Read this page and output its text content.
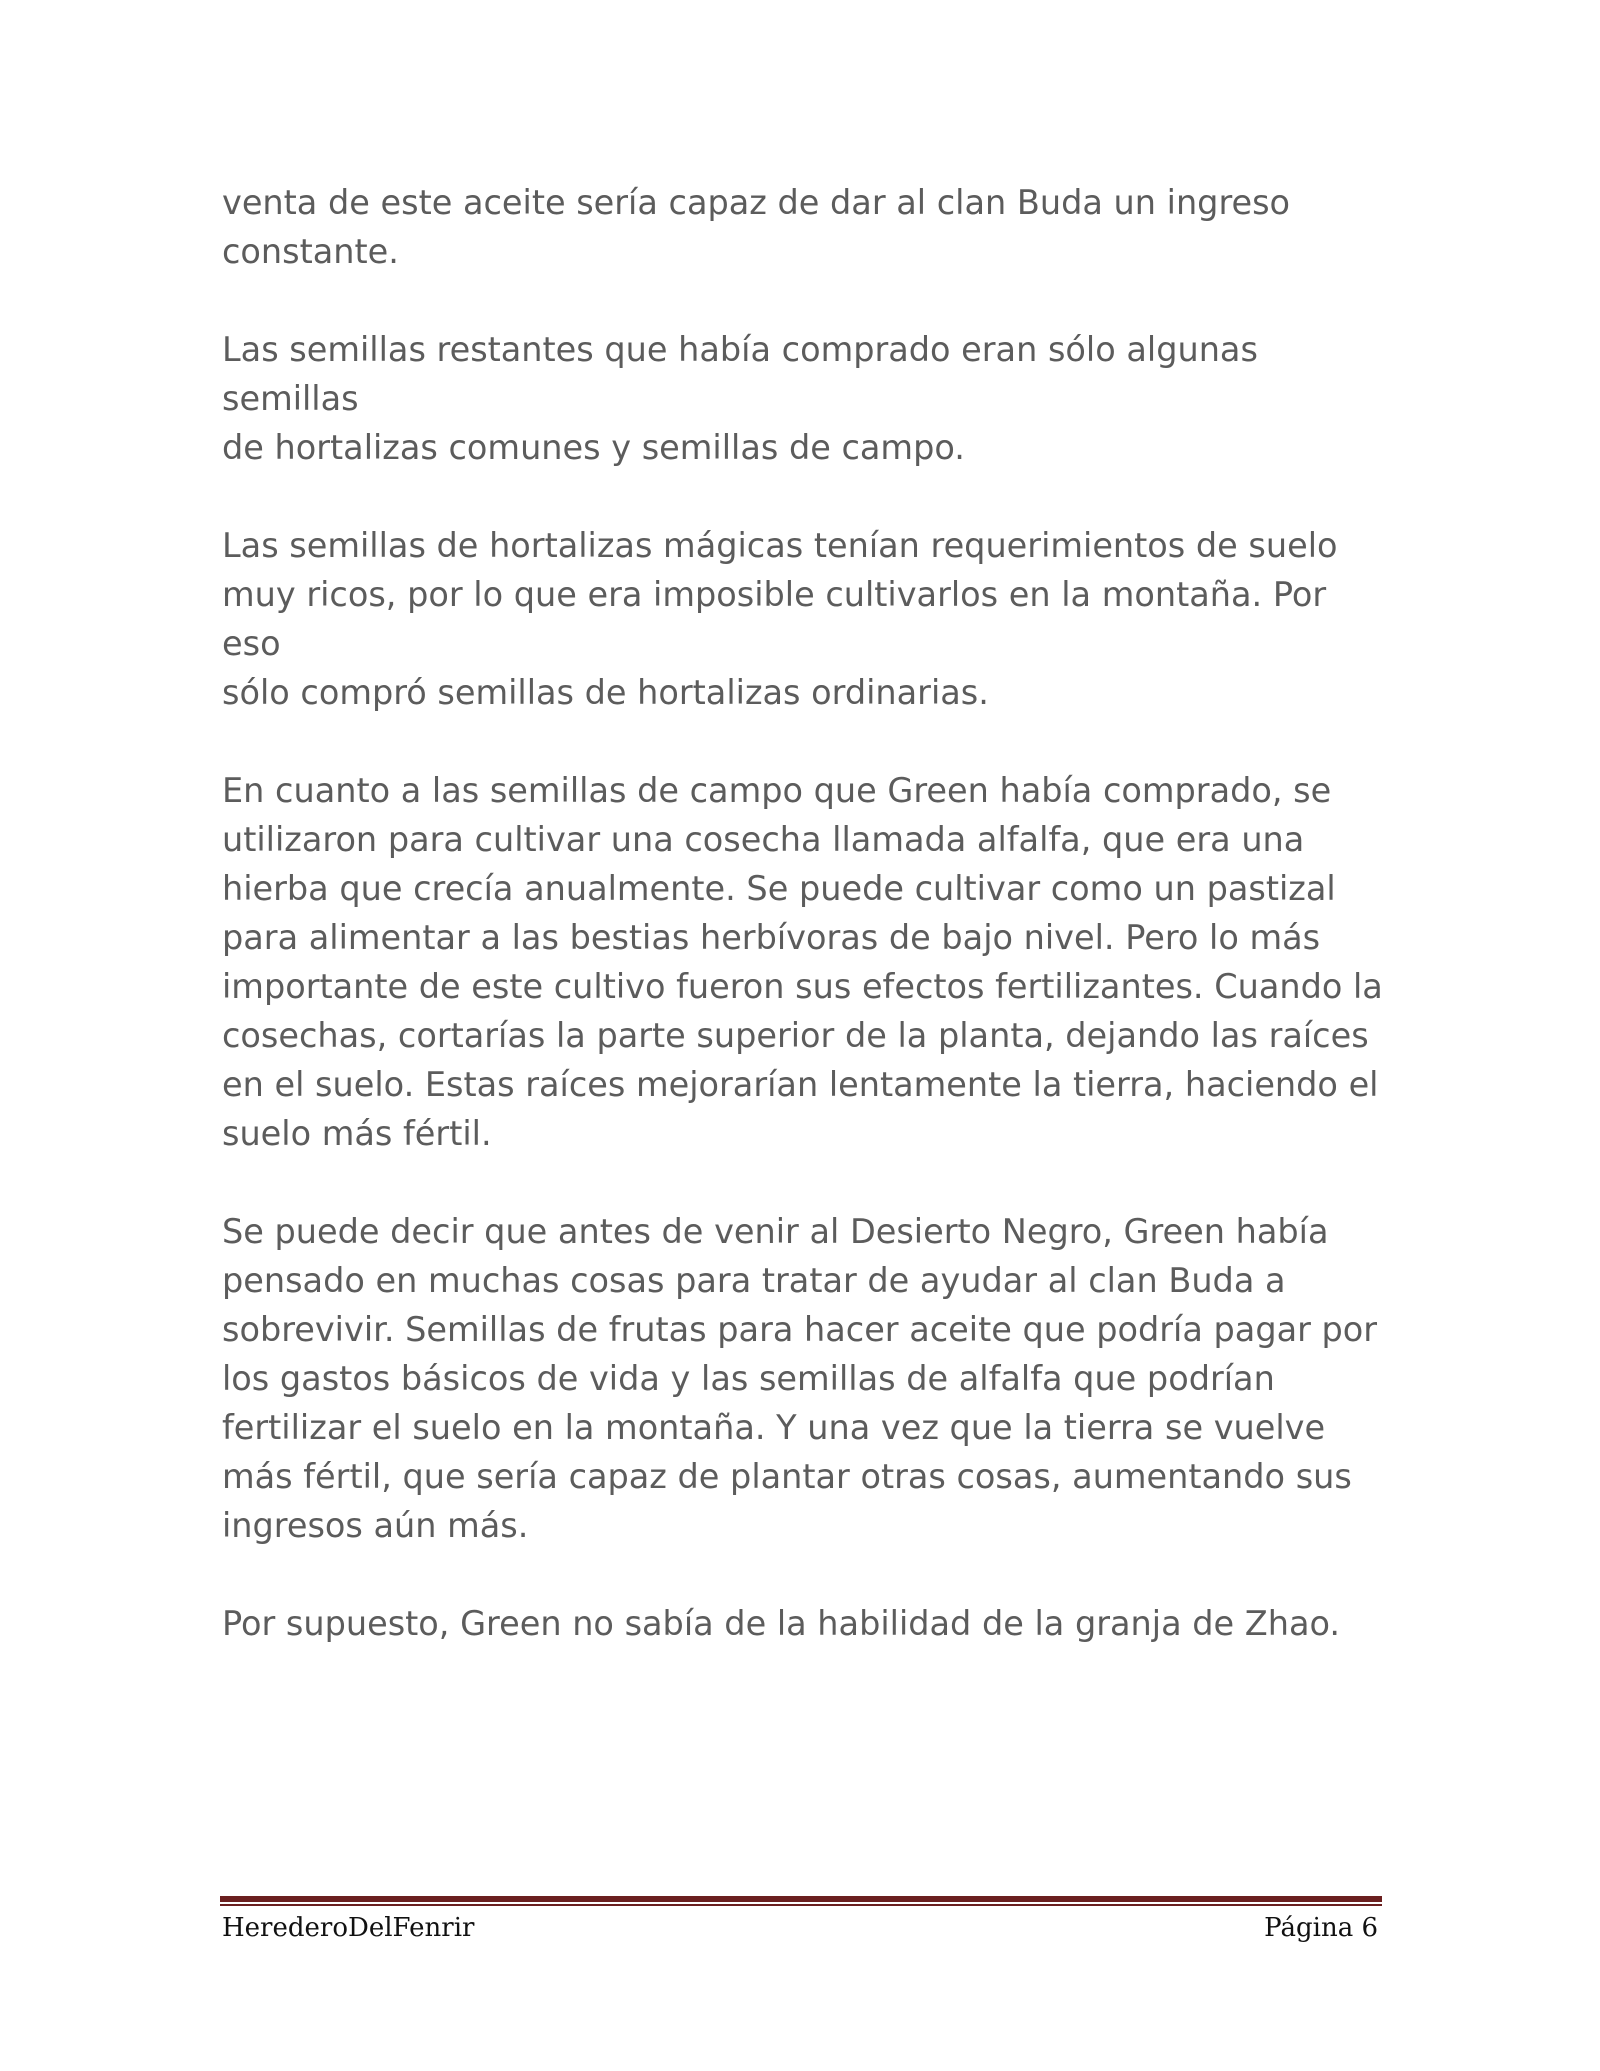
venta de este aceite sería capaz de dar al clan Buda un ingreso
constante.

Las semillas restantes que había comprado eran sólo algunas semillas
de hortalizas comunes y semillas de campo.

Las semillas de hortalizas mágicas tenían requerimientos de suelo
muy ricos, por lo que era imposible cultivarlos en la montaña. Por eso
sólo compró semillas de hortalizas ordinarias.

En cuanto a las semillas de campo que Green había comprado, se
utilizaron para cultivar una cosecha llamada alfalfa, que era una
hierba que crecía anualmente. Se puede cultivar como un pastizal
para alimentar a las bestias herbívoras de bajo nivel. Pero lo más
importante de este cultivo fueron sus efectos fertilizantes. Cuando la
cosechas, cortarías la parte superior de la planta, dejando las raíces
en el suelo. Estas raíces mejorarían lentamente la tierra, haciendo el
suelo más fértil.

Se puede decir que antes de venir al Desierto Negro, Green había
pensado en muchas cosas para tratar de ayudar al clan Buda a
sobrevivir. Semillas de frutas para hacer aceite que podría pagar por
los gastos básicos de vida y las semillas de alfalfa que podrían
fertilizar el suelo en la montaña. Y una vez que la tierra se vuelve
más fértil, que sería capaz de plantar otras cosas, aumentando sus
ingresos aún más.

Por supuesto, Green no sabía de la habilidad de la granja de Zhao.

HerederoDelFenrir	Página 6
